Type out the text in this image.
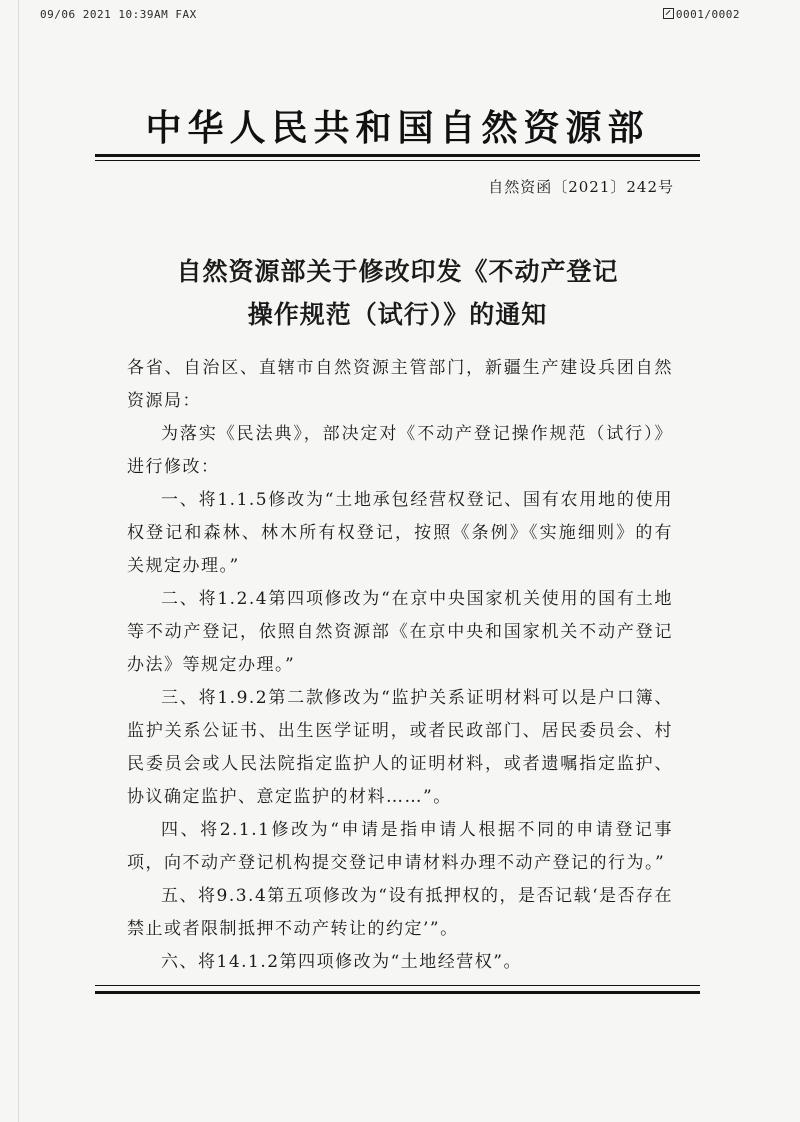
09/06 2021 10:39AM FAX	0001/0002
中华人民共和国自然资源部
自然资函〔2021〕242号
自然资源部关于修改印发《不动产登记
操作规范（试行）》的通知

各省、自治区、直辖市自然资源主管部门，新疆生产建设兵团自然资源局：

为落实《民法典》，部决定对《不动产登记操作规范（试行）》进行修改：

一、将1.1.5修改为“土地承包经营权登记、国有农用地的使用权登记和森林、林木所有权登记，按照《条例》《实施细则》的有关规定办理。”

二、将1.2.4第四项修改为“在京中央国家机关使用的国有土地等不动产登记，依照自然资源部《在京中央和国家机关不动产登记办法》等规定办理。”

三、将1.9.2第二款修改为“监护关系证明材料可以是户口簿、监护关系公证书、出生医学证明，或者民政部门、居民委员会、村民委员会或人民法院指定监护人的证明材料，或者遗嘱指定监护、协议确定监护、意定监护的材料……”。

四、将2.1.1修改为“申请是指申请人根据不同的申请登记事项，向不动产登记机构提交登记申请材料办理不动产登记的行为。”

五、将9.3.4第五项修改为“设有抵押权的，是否记载‘是否存在禁止或者限制抵押不动产转让的约定’”。

六、将14.1.2第四项修改为“土地经营权”。
